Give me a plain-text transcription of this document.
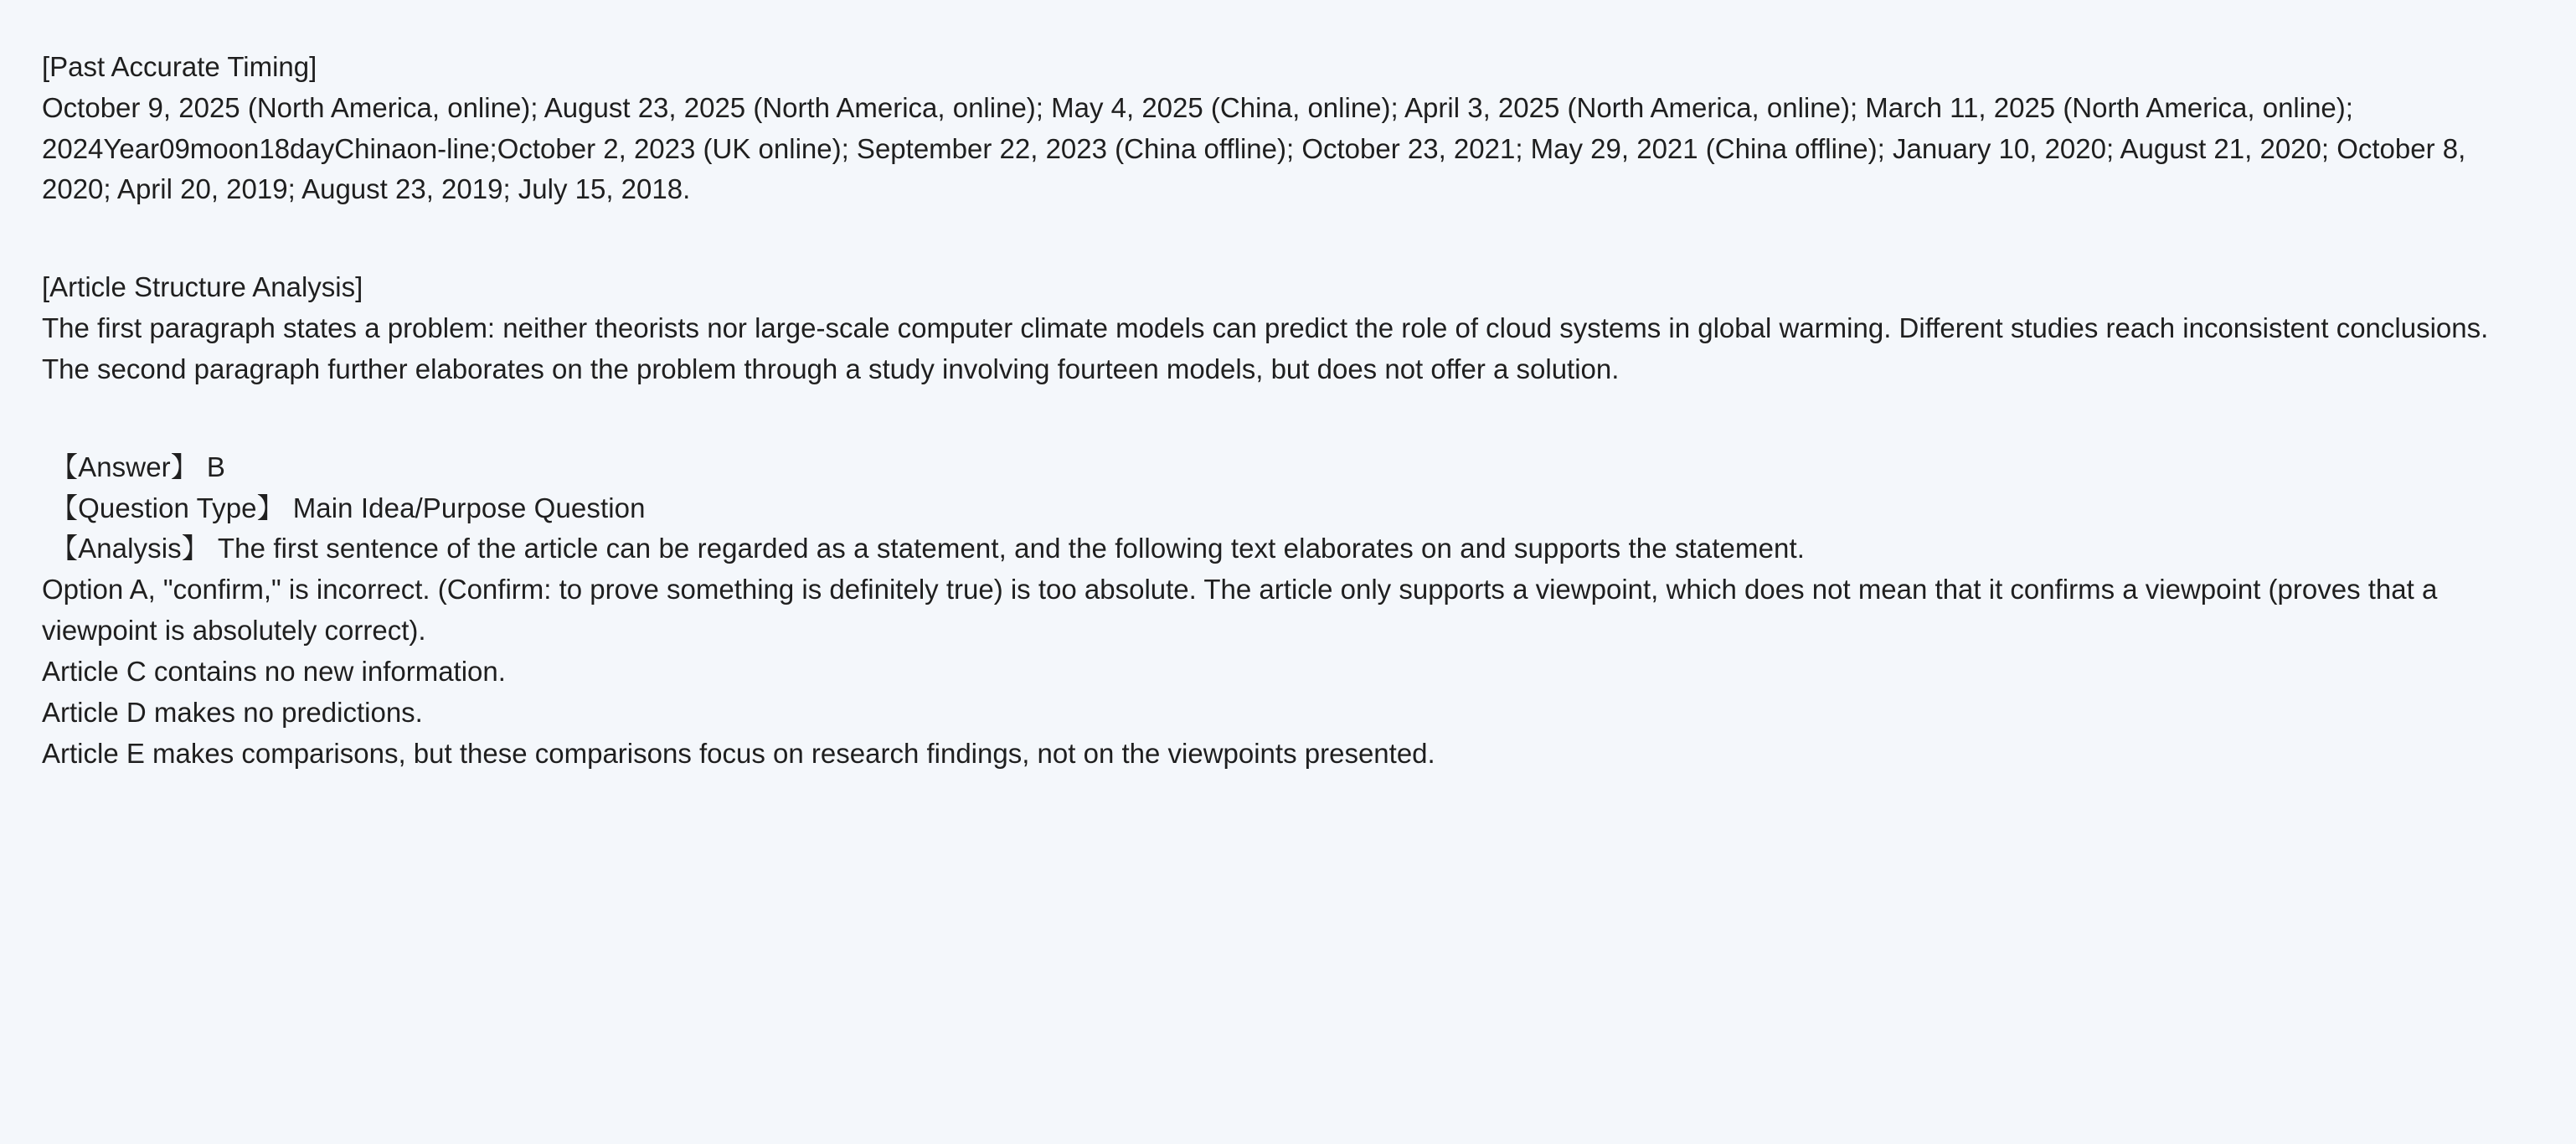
[Past Accurate Timing]

October 9, 2025 (North America, online); August 23, 2025 (North America, online); May 4, 2025 (China, online); April 3, 2025 (North America, online); March 11, 2025 (North America, online); 2024Year09moon18dayChinaon-line;October 2, 2023 (UK online); September 22, 2023 (China offline); October 23, 2021; May 29, 2021 (China offline); January 10, 2020; August 21, 2020; October 8, 2020; April 20, 2019; August 23, 2019; July 15, 2018.

[Article Structure Analysis]

The first paragraph states a problem: neither theorists nor large-scale computer climate models can predict the role of cloud systems in global warming. Different studies reach inconsistent conclusions. The second paragraph further elaborates on the problem through a study involving fourteen models, but does not offer a solution.

【Answer】 B

【Question Type】 Main Idea/Purpose Question

【Analysis】 The first sentence of the article can be regarded as a statement, and the following text elaborates on and supports the statement.

Option A, "confirm," is incorrect. (Confirm: to prove something is definitely true) is too absolute. The article only supports a viewpoint, which does not mean that it confirms a viewpoint (proves that a viewpoint is absolutely correct).

Article C contains no new information.

Article D makes no predictions.

Article E makes comparisons, but these comparisons focus on research findings, not on the viewpoints presented.
